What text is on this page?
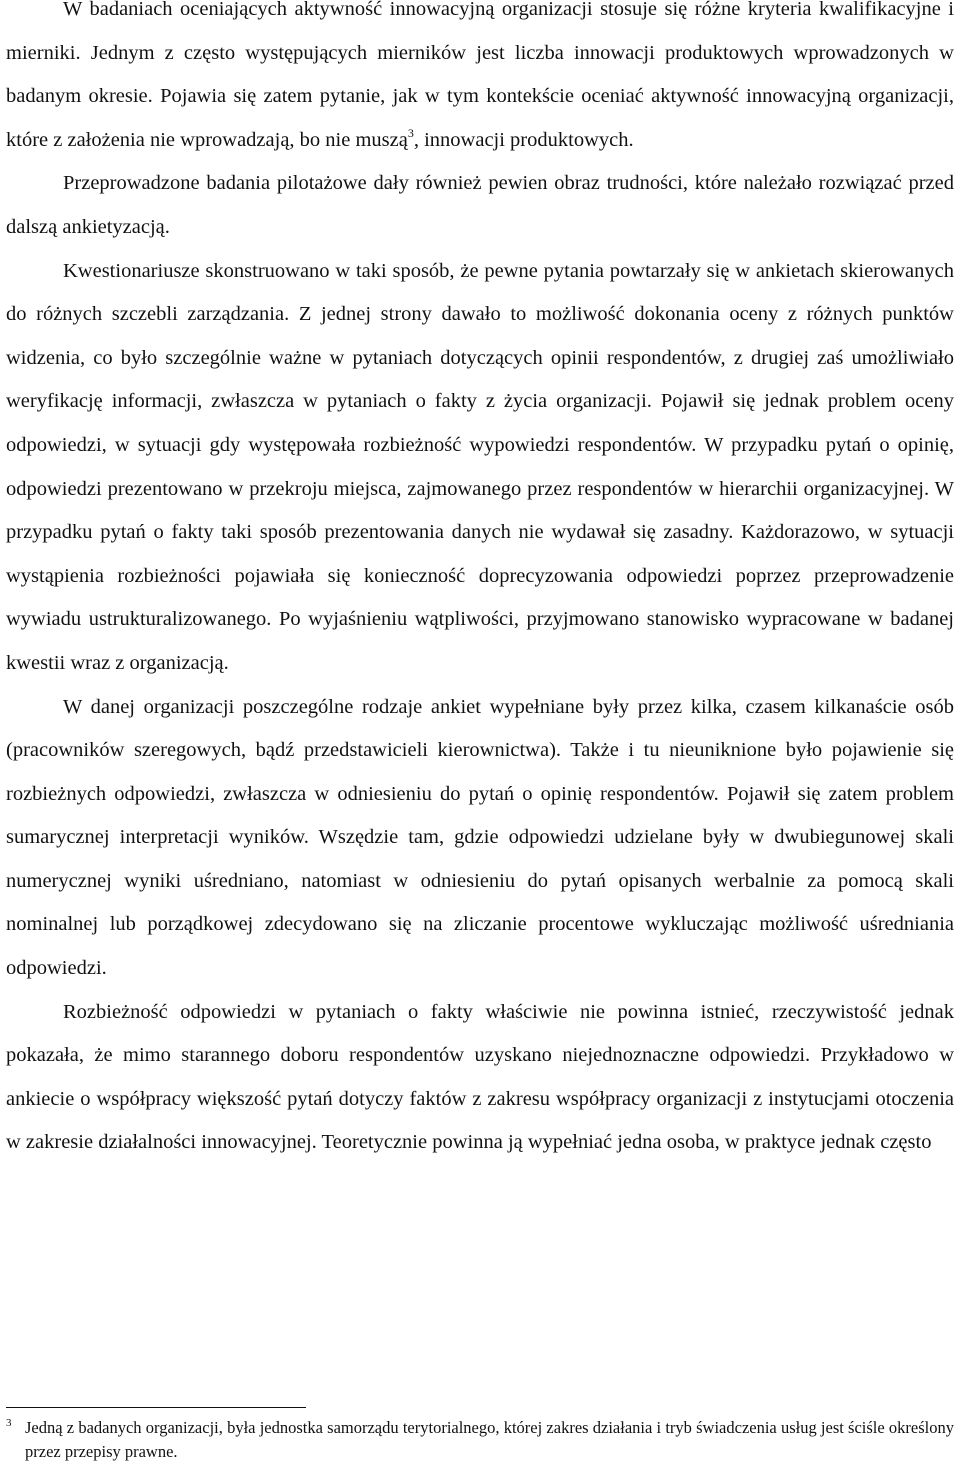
W badaniach oceniających aktywność innowacyjną organizacji stosuje się różne kryteria kwalifikacyjne i mierniki. Jednym z często występujących mierników jest liczba innowacji produktowych wprowadzonych w badanym okresie. Pojawia się zatem pytanie, jak w tym kontekście oceniać aktywność innowacyjną organizacji, które z założenia nie wprowadzają, bo nie muszą$^3$, innowacji produktowych.

Przeprowadzone badania pilotażowe dały również pewien obraz trudności, które należało rozwiązać przed dalszą ankietyzacją.

Kwestionariusze skonstruowano w taki sposób, że pewne pytania powtarzały się w ankietach skierowanych do różnych szczebli zarządzania. Z jednej strony dawało to możliwość dokonania oceny z różnych punktów widzenia, co było szczególnie ważne w pytaniach dotyczących opinii respondentów, z drugiej zaś umożliwiało weryfikację informacji, zwłaszcza w pytaniach o fakty z życia organizacji. Pojawił się jednak problem oceny odpowiedzi, w sytuacji gdy występowała rozbieżność wypowiedzi respondentów. W przypadku pytań o opinię, odpowiedzi prezentowano w przekroju miejsca, zajmowanego przez respondentów w hierarchii organizacyjnej. W przypadku pytań o fakty taki sposób prezentowania danych nie wydawał się zasadny. Każdorazowo, w sytuacji wystąpienia rozbieżności pojawiała się konieczność doprecyzowania odpowiedzi poprzez przeprowadzenie wywiadu ustrukturalizowanego. Po wyjaśnieniu wątpliwości, przyjmowano stanowisko wypracowane w badanej kwestii wraz z organizacją.

W danej organizacji poszczególne rodzaje ankiet wypełniane były przez kilka, czasem kilkanaście osób (pracowników szeregowych, bądź przedstawicieli kierownictwa). Także i tu nieuniknione było pojawienie się rozbieżnych odpowiedzi, zwłaszcza w odniesieniu do pytań o opinię respondentów. Pojawił się zatem problem sumarycznej interpretacji wyników. Wszędzie tam, gdzie odpowiedzi udzielane były w dwubiegunowej skali numerycznej wyniki uśredniano, natomiast w odniesieniu do pytań opisanych werbalnie za pomocą skali nominalnej lub porządkowej zdecydowano się na zliczanie procentowe wykluczając możliwość uśredniania odpowiedzi.

Rozbieżność odpowiedzi w pytaniach o fakty właściwie nie powinna istnieć, rzeczywistość jednak pokazała, że mimo starannego doboru respondentów uzyskano niejednoznaczne odpowiedzi. Przykładowo w ankiecie o współpracy większość pytań dotyczy faktów z zakresu współpracy organizacji z instytucjami otoczenia w zakresie działalności innowacyjnej. Teoretycznie powinna ją wypełniać jedna osoba, w praktyce jednak często

3 Jedną z badanych organizacji, była jednostka samorządu terytorialnego, której zakres działania i tryb świadczenia usług jest ściśle określony przez przepisy prawne.
